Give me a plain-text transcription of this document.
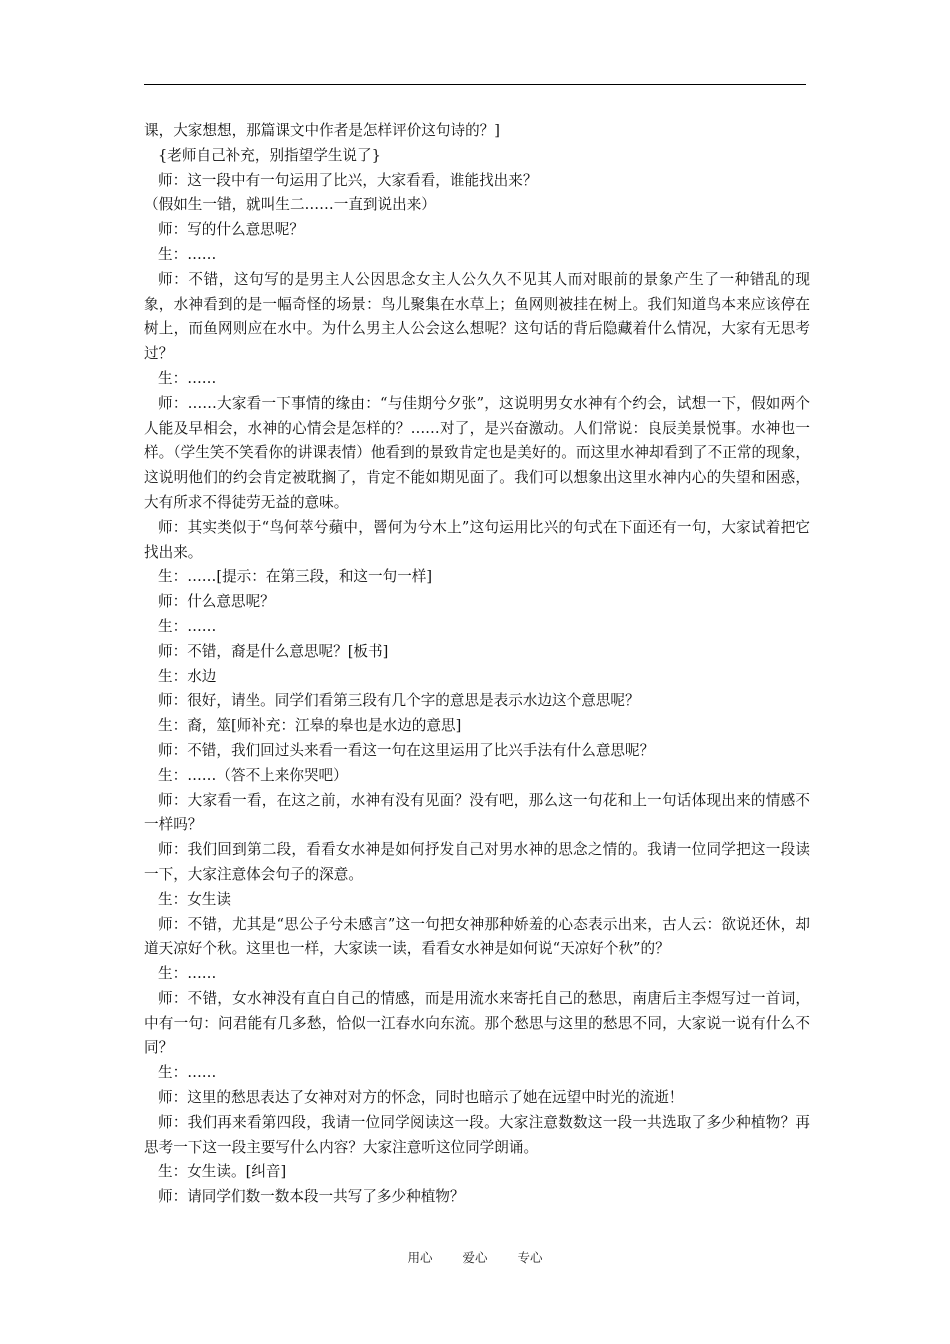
课，大家想想，那篇课文中作者是怎样评价这句诗的？]

{老师自己补充，别指望学生说了}

师：这一段中有一句运用了比兴，大家看看，谁能找出来？

（假如生一错，就叫生二……一直到说出来）

师：写的什么意思呢？

生：……

师：不错，这句写的是男主人公因思念女主人公久久不见其人而对眼前的景象产生了一种错乱的现象，水神看到的是一幅奇怪的场景：鸟儿聚集在水草上；鱼网则被挂在树上。我们知道鸟本来应该停在树上，而鱼网则应在水中。为什么男主人公会这么想呢？这句话的背后隐藏着什么情况，大家有无思考过？

生：……

师：……大家看一下事情的缘由：“与佳期兮夕张”，这说明男女水神有个约会，试想一下，假如两个人能及早相会，水神的心情会是怎样的？……对了，是兴奋激动。人们常说：良辰美景悦事。水神也一样。（学生笑不笑看你的讲课表情）他看到的景致肯定也是美好的。而这里水神却看到了不正常的现象，这说明他们的约会肯定被耽搁了，肯定不能如期见面了。我们可以想象出这里水神内心的失望和困惑，大有所求不得徒劳无益的意味。

师：其实类似于“鸟何萃兮蘋中，罾何为兮木上”这句运用比兴的句式在下面还有一句，大家试着把它找出来。

生：……[提示：在第三段，和这一句一样]

师：什么意思呢？

生：……

师：不错，裔是什么意思呢？[板书]

生：水边

师：很好，请坐。同学们看第三段有几个字的意思是表示水边这个意思呢？

生：裔，筮[师补充：江皋的皋也是水边的意思]

师：不错，我们回过头来看一看这一句在这里运用了比兴手法有什么意思呢？

生：……（答不上来你哭吧）

师：大家看一看，在这之前，水神有没有见面？没有吧，那么这一句花和上一句话体现出来的情感不一样吗？

师：我们回到第二段，看看女水神是如何抒发自己对男水神的思念之情的。我请一位同学把这一段读一下，大家注意体会句子的深意。

生：女生读

师：不错，尤其是“思公子兮未感言”这一句把女神那种娇羞的心态表示出来，古人云：欲说还休，却道天凉好个秋。这里也一样，大家读一读，看看女水神是如何说“天凉好个秋”的？

生：……

师：不错，女水神没有直白自己的情感，而是用流水来寄托自己的愁思，南唐后主李煜写过一首词，中有一句：问君能有几多愁，恰似一江春水向东流。那个愁思与这里的愁思不同，大家说一说有什么不同？

生：……

师：这里的愁思表达了女神对对方的怀念，同时也暗示了她在远望中时光的流逝！

师：我们再来看第四段，我请一位同学阅读这一段。大家注意数数这一段一共选取了多少种植物？再思考一下这一段主要写什么内容？大家注意听这位同学朗诵。

生：女生读。[纠音]

师：请同学们数一数本段一共写了多少种植物？

用心 爱心 专心
